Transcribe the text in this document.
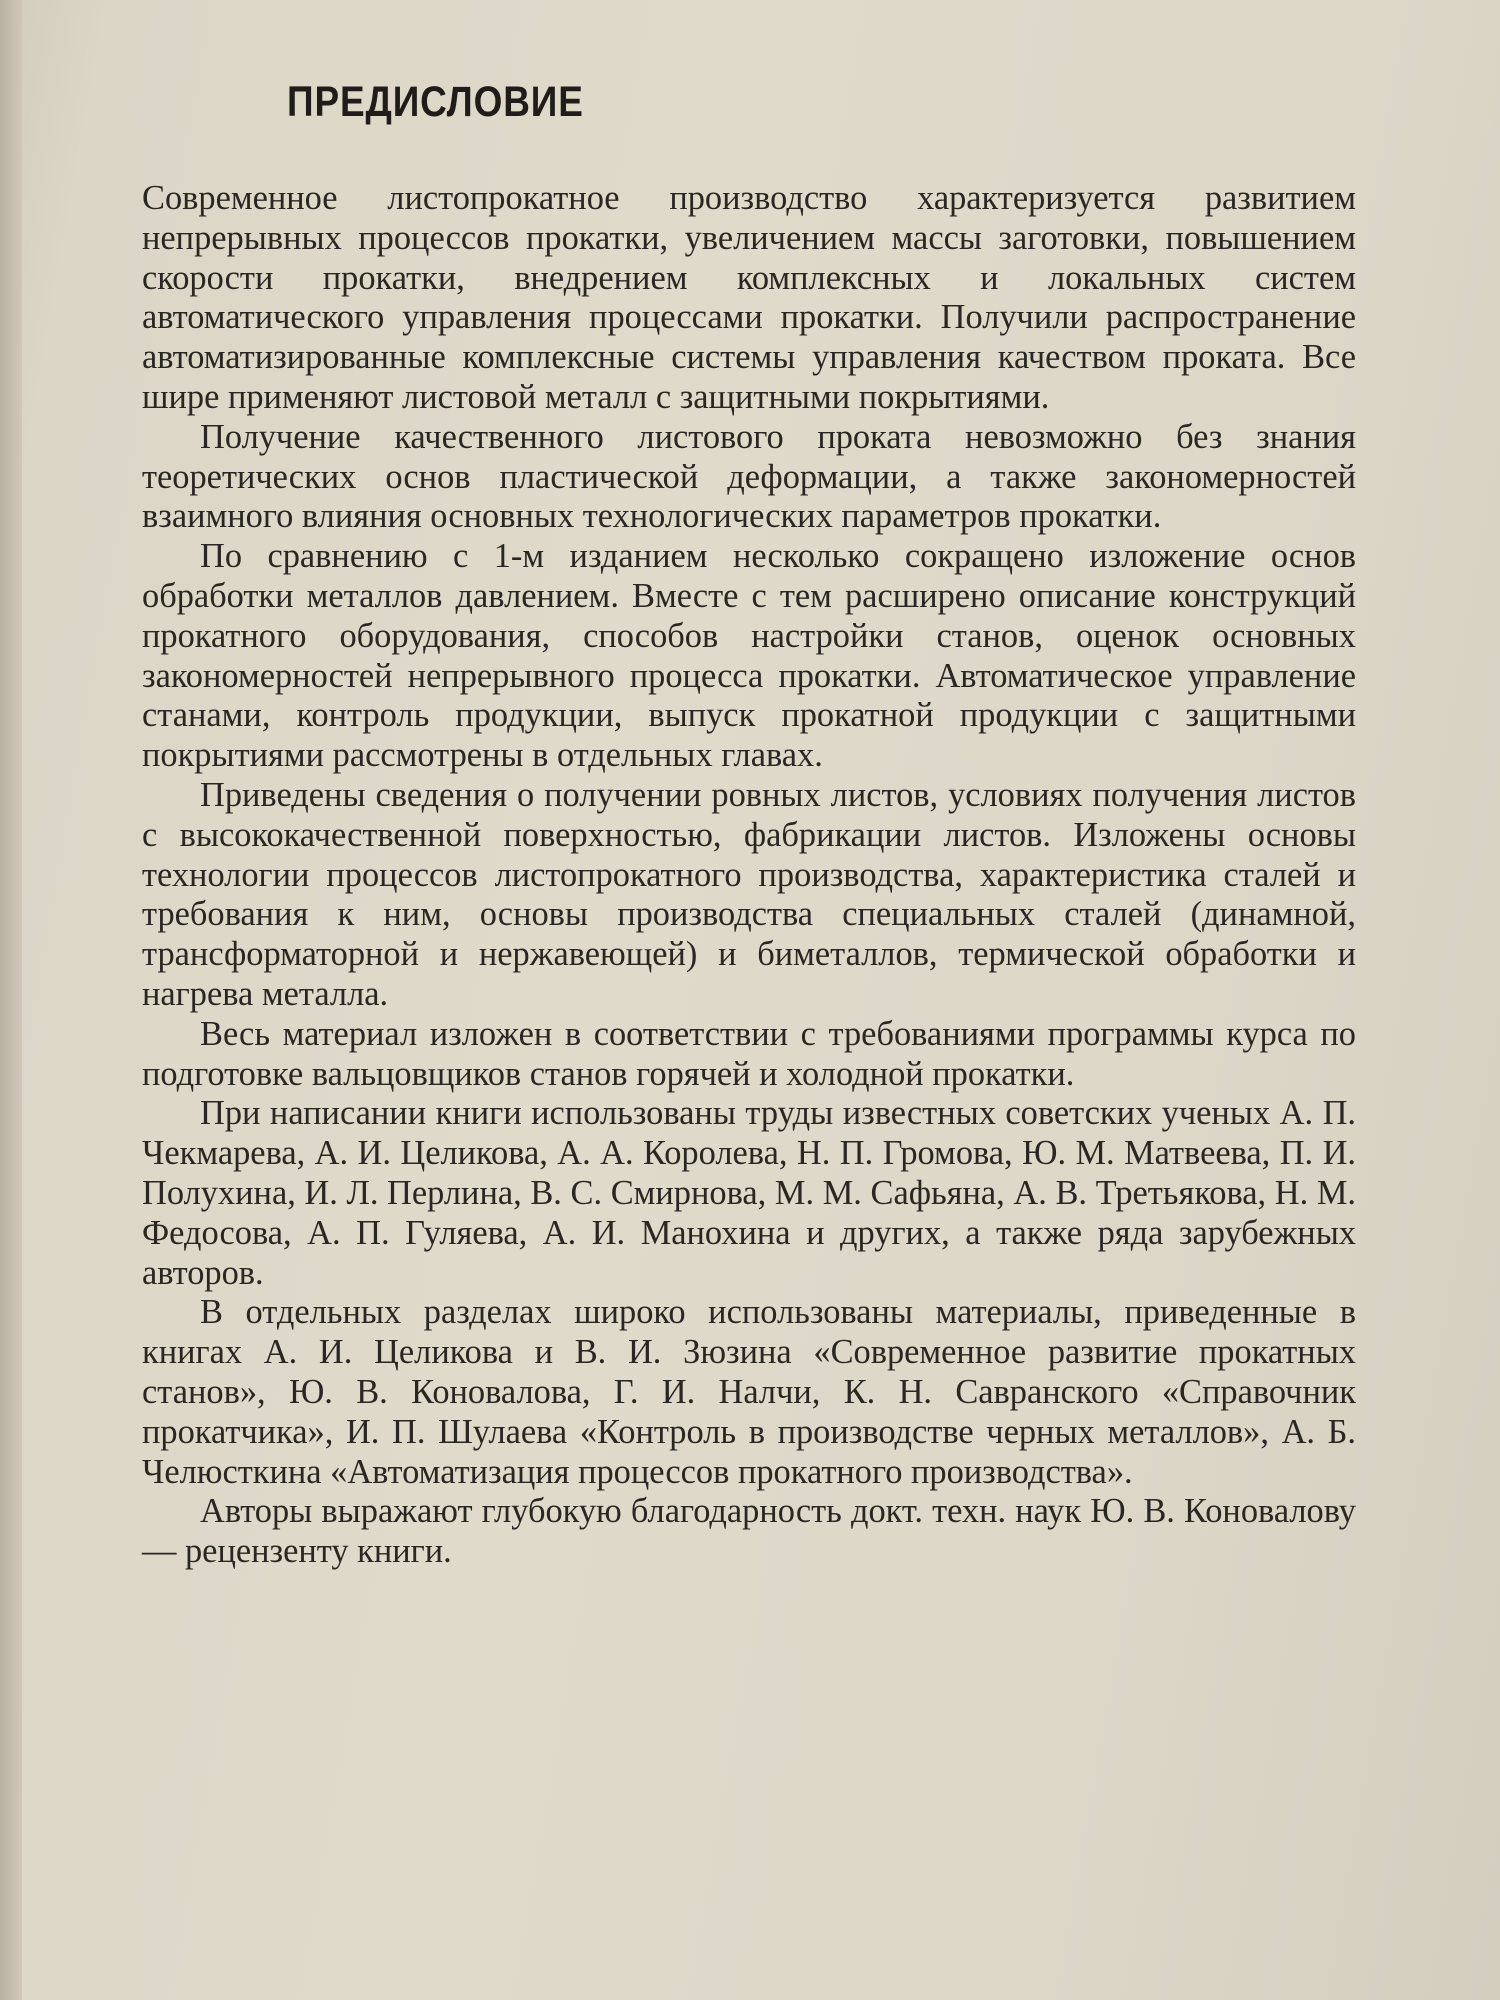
ПРЕДИСЛОВИЕ

Современное листопрокатное производство характеризуется развитием непрерывных процессов прокатки, увеличением массы заготовки, повышением скорости прокатки, внедрением комплексных и локальных систем автоматического управления процессами прокатки. Получили распространение автоматизированные комплексные системы управления качеством проката. Все шире применяют листовой металл с защитными покрытиями.

Получение качественного листового проката невозможно без знания теоретических основ пластической деформации, а также закономерностей взаимного влияния основных технологических параметров прокатки.

По сравнению с 1-м изданием несколько сокращено изложение основ обработки металлов давлением. Вместе с тем расширено описание конструкций прокатного оборудования, способов настройки станов, оценок основных закономерностей непрерывного процесса прокатки. Автоматическое управление станами, контроль продукции, выпуск прокатной продукции с защитными покрытиями рассмотрены в отдельных главах.

Приведены сведения о получении ровных листов, условиях получения листов с высококачественной поверхностью, фабрикации листов. Изложены основы технологии процессов листопрокатного производства, характеристика сталей и требования к ним, основы производства специальных сталей (динамной, трансформаторной и нержавеющей) и биметаллов, термической обработки и нагрева металла.

Весь материал изложен в соответствии с требованиями программы курса по подготовке вальцовщиков станов горячей и холодной прокатки.

При написании книги использованы труды известных советских ученых А. П. Чекмарева, А. И. Целикова, А. А. Королева, Н. П. Громова, Ю. М. Матвеева, П. И. Полухина, И. Л. Перлина, В. С. Смирнова, М. М. Сафьяна, А. В. Третьякова, Н. М. Федосова, А. П. Гуляева, А. И. Манохина и других, а также ряда зарубежных авторов.

В отдельных разделах широко использованы материалы, приведенные в книгах А. И. Целикова и В. И. Зюзина «Современное развитие прокатных станов», Ю. В. Коновалова, Г. И. Налчи, К. Н. Савранского «Справочник прокатчика», И. П. Шулаева «Контроль в производстве черных металлов», А. Б. Челюсткина «Автоматизация процессов прокатного производства».

Авторы выражают глубокую благодарность докт. техн. наук Ю. В. Коновалову — рецензенту книги.
